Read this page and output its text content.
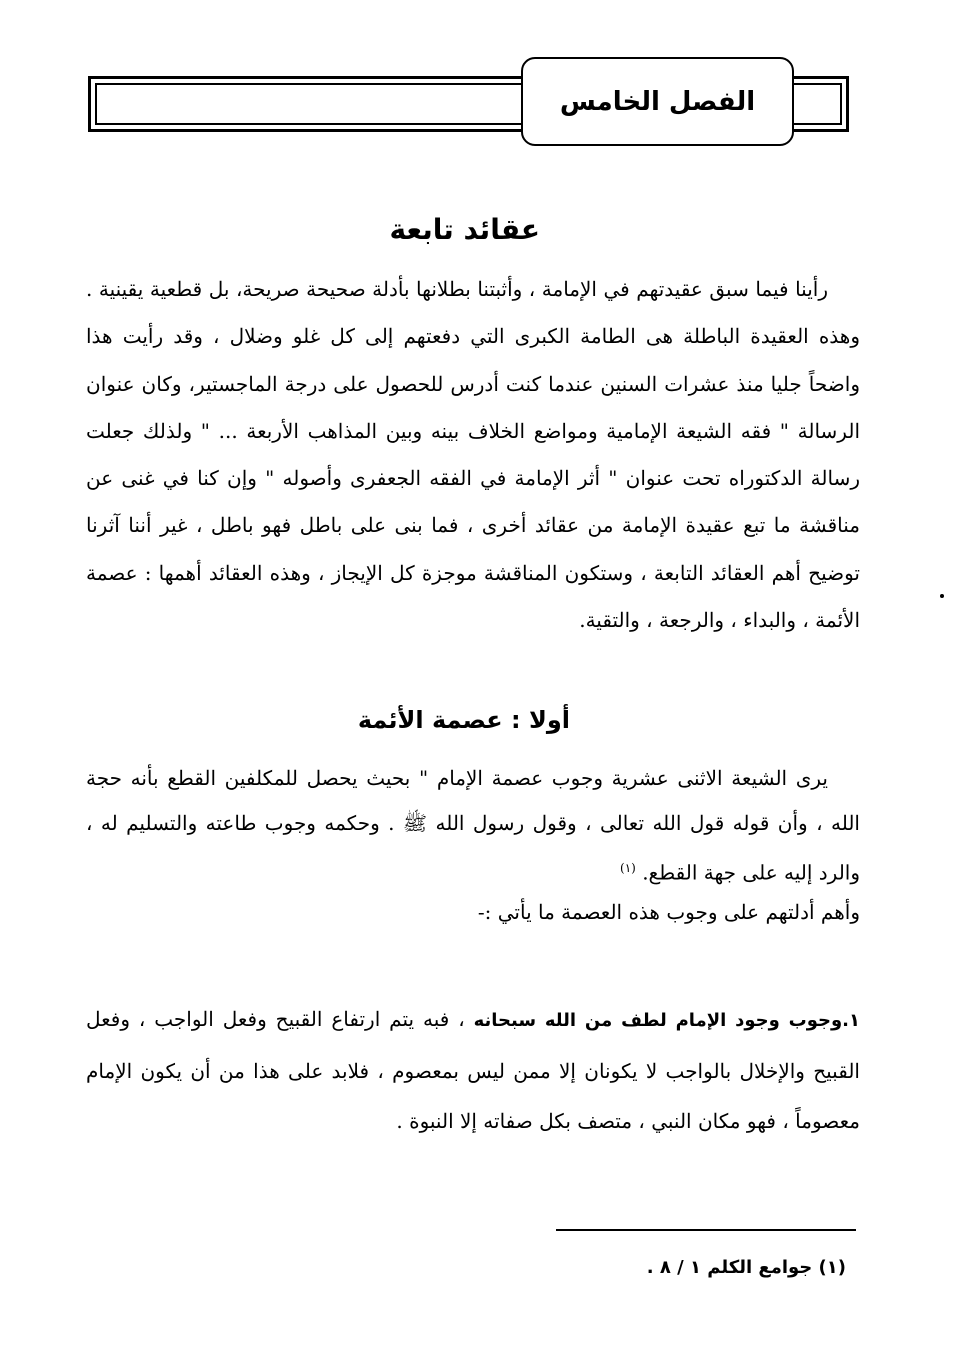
الفصل الخامس
عقائد تابعة

رأينا فيما سبق عقيدتهم في الإمامة ، وأثبتنا بطلانها بأدلة صحيحة صريحة، بل قطعية يقينية . وهذه العقيدة الباطلة هى الطامة الكبرى التي دفعتهم إلى كل غلو وضلال ، وقد رأيت هذا واضحاً جليا منذ عشرات السنين عندما كنت أدرس للحصول على درجة الماجستير، وكان عنوان الرسالة " فقه الشيعة الإمامية ومواضع الخلاف بينه وبين المذاهب الأربعة ... " ولذلك جعلت رسالة الدكتوراه تحت عنوان " أثر الإمامة في الفقه الجعفرى وأصوله " وإن كنا في غنى عن مناقشة ما تبع عقيدة الإمامة من عقائد أخرى ، فما بنى على باطل فهو باطل ، غير أننا آثرنا توضيح أهم العقائد التابعة ، وستكون المناقشة موجزة كل الإيجاز ، وهذه العقائد أهمها : عصمة الأئمة ، والبداء ، والرجعة ، والتقية.

أولا : عصمة الأئمة

يرى الشيعة الاثنى عشرية وجوب عصمة الإمام " بحيث يحصل للمكلفين القطع بأنه حجة الله ، وأن قوله قول الله تعالى ، وقول رسول الله ﷺ . وحكمه وجوب طاعته والتسليم له ، والرد إليه على جهة القطع. $^{(١)}$

وأهم أدلتهم على وجوب هذه العصمة ما يأتي :-

١.وجوب وجود الإمام لطف من الله سبحانه ، فبه يتم ارتفاع القبيح وفعل الواجب ، وفعل القبيح والإخلال بالواجب لا يكونان إلا ممن ليس بمعصوم ، فلابد على هذا من أن يكون الإمام معصوماً ، فهو مكان النبي ، متصف بكل صفاته إلا النبوة .

(١) جوامع الكلم ١ / ٨ .
